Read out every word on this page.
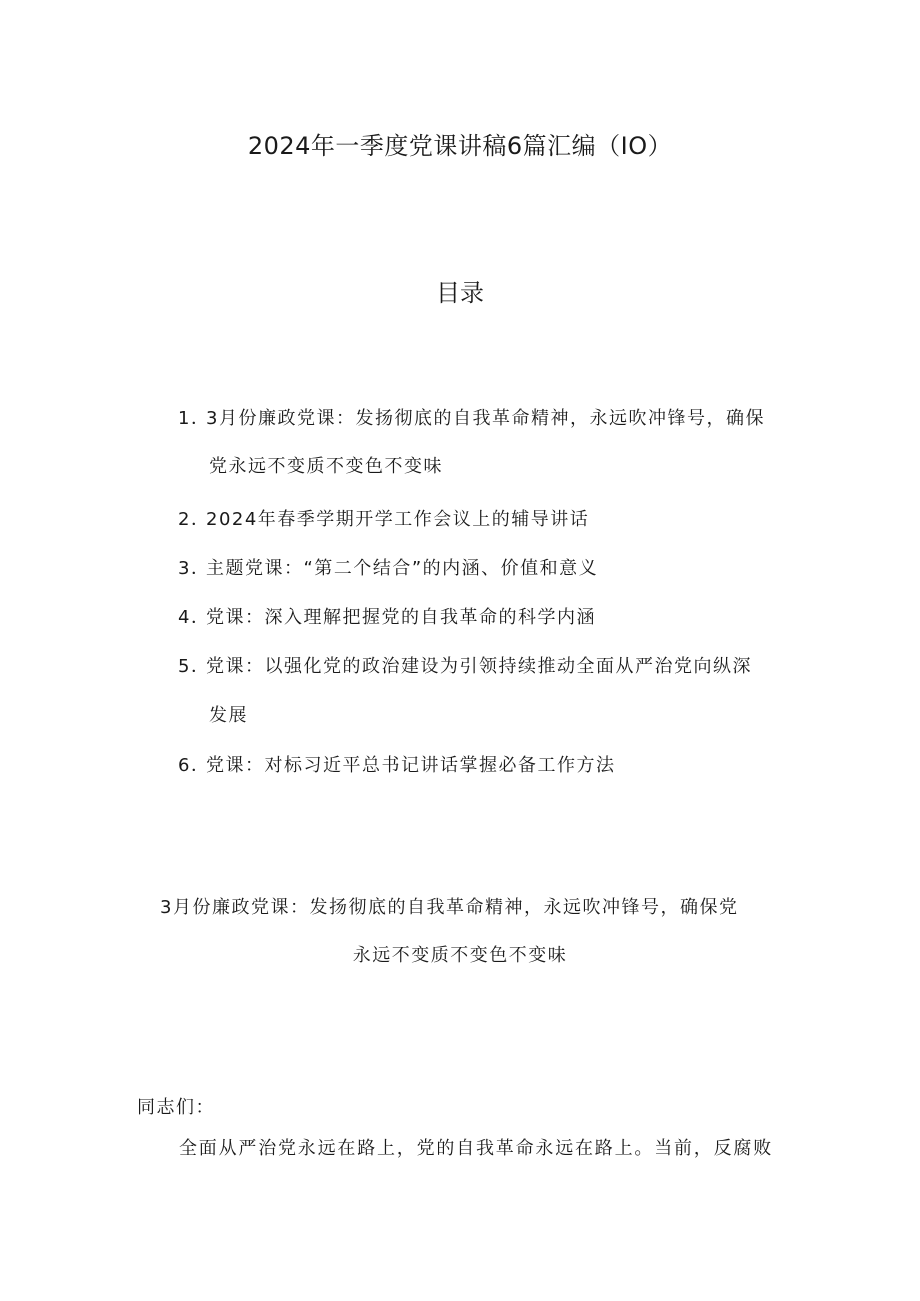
2024年一季度党课讲稿6篇汇编（IO）
目录
1．
3月份廉政党课：发扬彻底的自我革命精神，永远吹冲锋号，确保
党永远不变质不变色不变味
2．
2024年春季学期开学工作会议上的辅导讲话
3．
主题党课：“第二个结合”的内涵、价值和意义
4．
党课：深入理解把握党的自我革命的科学内涵
5．
党课：以强化党的政治建设为引领持续推动全面从严治党向纵深
发展
6．
党课：对标习近平总书记讲话掌握必备工作方法
3月份廉政党课：发扬彻底的自我革命精神，永远吹冲锋号，确保党
永远不变质不变色不变味
同志们：
全面从严治党永远在路上，党的自我革命永远在路上。当前，反腐败
